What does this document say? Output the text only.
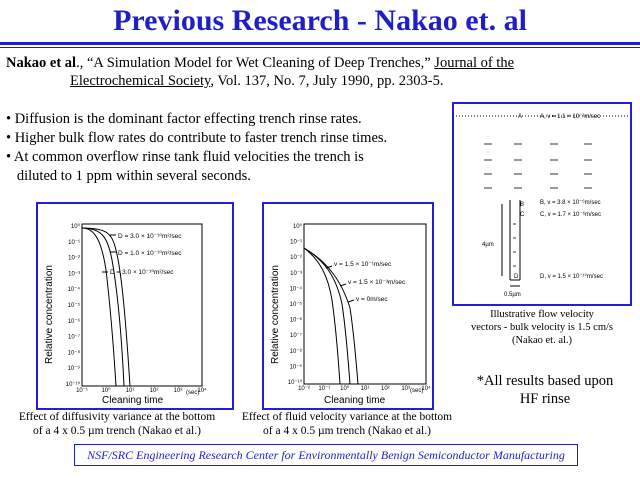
Previous Research - Nakao et. al
Nakao et al., “A Simulation Model for Wet Cleaning of Deep Trenches,” Journal of the
Electrochemical Society, Vol. 137, No. 7, July 1990, pp. 2303-5.
• Diffusion is the dominant factor effecting trench rinse rates.
• Higher bulk flow rates do contribute to faster trench rinse times.
• At common overflow rinse tank fluid velocities the trench is
diluted to 1 ppm within several seconds.
10⁰
10⁻¹
10⁻²
10⁻³
10⁻⁴
10⁻⁵
10⁻⁶
10⁻⁷
10⁻⁸
10⁻⁹
10⁻¹⁰
10⁻¹ 10⁰	10¹	10²	10³	10⁴
D = 3.0 × 10⁻¹⁰m²/sec
D = 1.0 × 10⁻¹⁰m²/sec
D = 3.0 × 10⁻¹⁰m²/sec
Relative concentration
Cleaning time
(sec)
Effect of diffusivity variance at the bottom
of a 4 x 0.5 µm trench (Nakao et al.)
10⁰
10⁻¹
10⁻²
10⁻³
10⁻⁴
10⁻⁵
10⁻⁶
10⁻⁷
10⁻⁸
10⁻⁹
10⁻¹⁰
10⁻² 10⁻¹ 10⁰ 10¹ 10² 10³ 10⁴
v = 1.5 × 10⁻¹m/sec
v = 1.5 × 10⁻³m/sec
v = 0m/sec
Relative concentration
Cleaning time
(sec)
Effect of fluid velocity variance at the bottom
of a 4 x 0.5 µm trench (Nakao et al.)
A	A, v = 1.1 × 10⁻²m/sec
B	B, v = 3.8 × 10⁻⁶m/sec
C	C, v = 1.7 × 10⁻⁶m/sec
D	D, v = 1.5 × 10⁻¹⁰m/sec
4µm
0.5µm
Illustrative flow velocity
vectors - bulk velocity is 1.5 cm/s
(Nakao et. al.)
*All results based upon
HF rinse
NSF/SRC Engineering Research Center for Environmentally Benign Semiconductor Manufacturing
